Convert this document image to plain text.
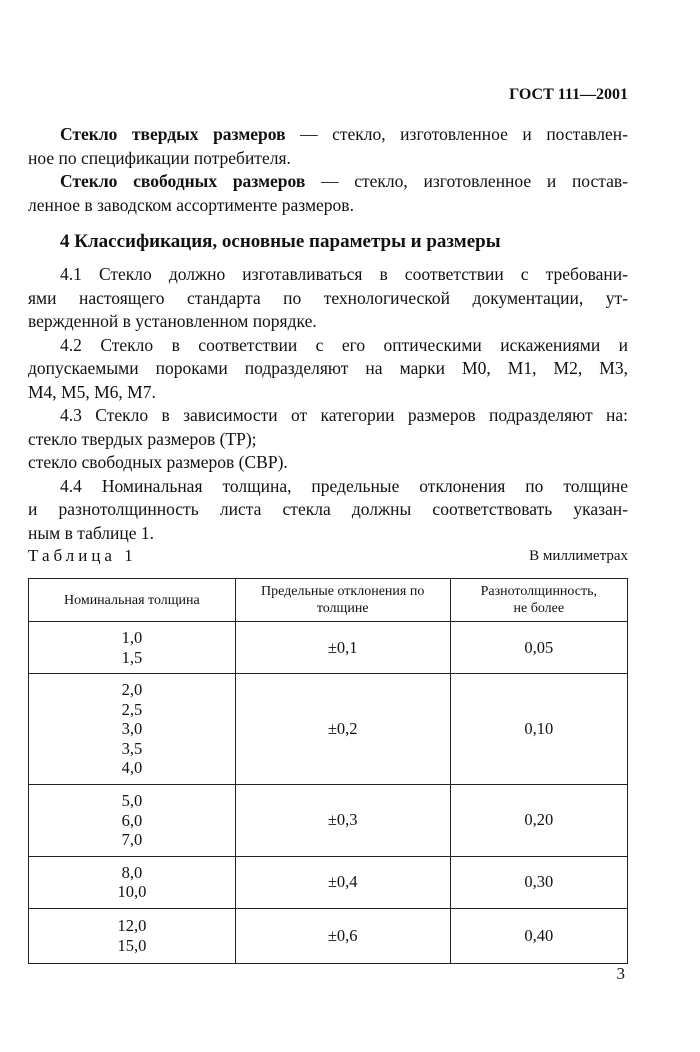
ГОСТ 111—2001
Стекло твердых размеров — стекло, изготовленное и поставлен-
ное по спецификации потребителя.
Стекло свободных размеров — стекло, изготовленное и постав-
ленное в заводском ассортименте размеров.
4 Классификация, основные параметры и размеры
4.1 Стекло должно изготавливаться в соответствии с требовани-
ями настоящего стандарта по технологической документации, ут-
вержденной в установленном порядке.
4.2 Стекло в соответствии с его оптическими искажениями и
допускаемыми пороками подразделяют на марки М0, М1, М2, М3,
М4, М5, М6, М7.
4.3 Стекло в зависимости от категории размеров подразделяют на:
стекло твердых размеров (ТР);
стекло свободных размеров (СВР).
4.4 Номинальная толщина, предельные отклонения по толщине
и разнотолщинность листа стекла должны соответствовать указан-
ным в таблице 1.
Таблица 1	В миллиметрах
Номинальная толщина	Предельные отклонения по толщине	Разнотолщинность, не более

1,0
1,5	±0,1	0,05

2,0
2,5
3,0
3,5
4,0	±0,2	0,10

5,0
6,0
7,0	±0,3	0,20

8,0
10,0	±0,4	0,30

12,0
15,0	±0,6	0,40
3
